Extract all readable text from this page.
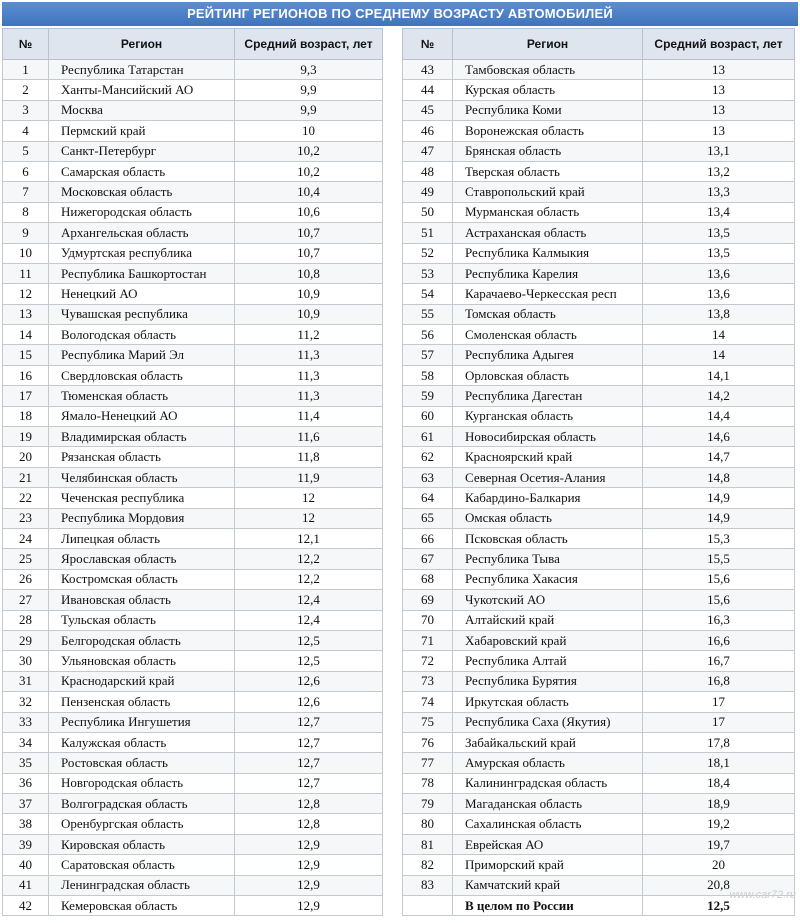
РЕЙТИНГ РЕГИОНОВ ПО СРЕДНЕМУ ВОЗРАСТУ АВТОМОБИЛЕЙ
№	Регион	Средний возраст, лет
1	Республика Татарстан	9,3
2	Ханты-Мансийский АО	9,9
3	Москва	9,9
4	Пермский край	10
5	Санкт-Петербург	10,2
6	Самарская область	10,2
7	Московская область	10,4
8	Нижегородская область	10,6
9	Архангельская область	10,7
10	Удмуртская республика	10,7
11	Республика Башкортостан	10,8
12	Ненецкий АО	10,9
13	Чувашская республика	10,9
14	Вологодская область	11,2
15	Республика Марий Эл	11,3
16	Свердловская область	11,3
17	Тюменская область	11,3
18	Ямало-Ненецкий АО	11,4
19	Владимирская область	11,6
20	Рязанская область	11,8
21	Челябинская область	11,9
22	Чеченская республика	12
23	Республика Мордовия	12
24	Липецкая область	12,1
25	Ярославская область	12,2
26	Костромская область	12,2
27	Ивановская область	12,4
28	Тульская область	12,4
29	Белгородская область	12,5
30	Ульяновская область	12,5
31	Краснодарский край	12,6
32	Пензенская область	12,6
33	Республика Ингушетия	12,7
34	Калужская область	12,7
35	Ростовская область	12,7
36	Новгородская область	12,7
37	Волгоградская область	12,8
38	Оренбургская область	12,8
39	Кировская область	12,9
40	Саратовская область	12,9
41	Ленинградская область	12,9
42	Кемеровская область	12,9
№	Регион	Средний возраст, лет
43	Тамбовская область	13
44	Курская область	13
45	Республика Коми	13
46	Воронежская область	13
47	Брянская область	13,1
48	Тверская область	13,2
49	Ставропольский край	13,3
50	Мурманская область	13,4
51	Астраханская область	13,5
52	Республика Калмыкия	13,5
53	Республика Карелия	13,6
54	Карачаево-Черкесская респ	13,6
55	Томская область	13,8
56	Смоленская область	14
57	Республика Адыгея	14
58	Орловская область	14,1
59	Республика Дагестан	14,2
60	Курганская область	14,4
61	Новосибирская область	14,6
62	Красноярский край	14,7
63	Северная Осетия-Алания	14,8
64	Кабардино-Балкария	14,9
65	Омская область	14,9
66	Псковская область	15,3
67	Республика Тыва	15,5
68	Республика Хакасия	15,6
69	Чукотский АО	15,6
70	Алтайский край	16,3
71	Хабаровский край	16,6
72	Республика Алтай	16,7
73	Республика Бурятия	16,8
74	Иркутская область	17
75	Республика Саха (Якутия)	17
76	Забайкальский край	17,8
77	Амурская область	18,1
78	Калининградская область	18,4
79	Магаданская область	18,9
80	Сахалинская область	19,2
81	Еврейская АО	19,7
82	Приморский край	20
83	Камчатский край	20,8
	В целом по России	12,5
www.car72.ru
